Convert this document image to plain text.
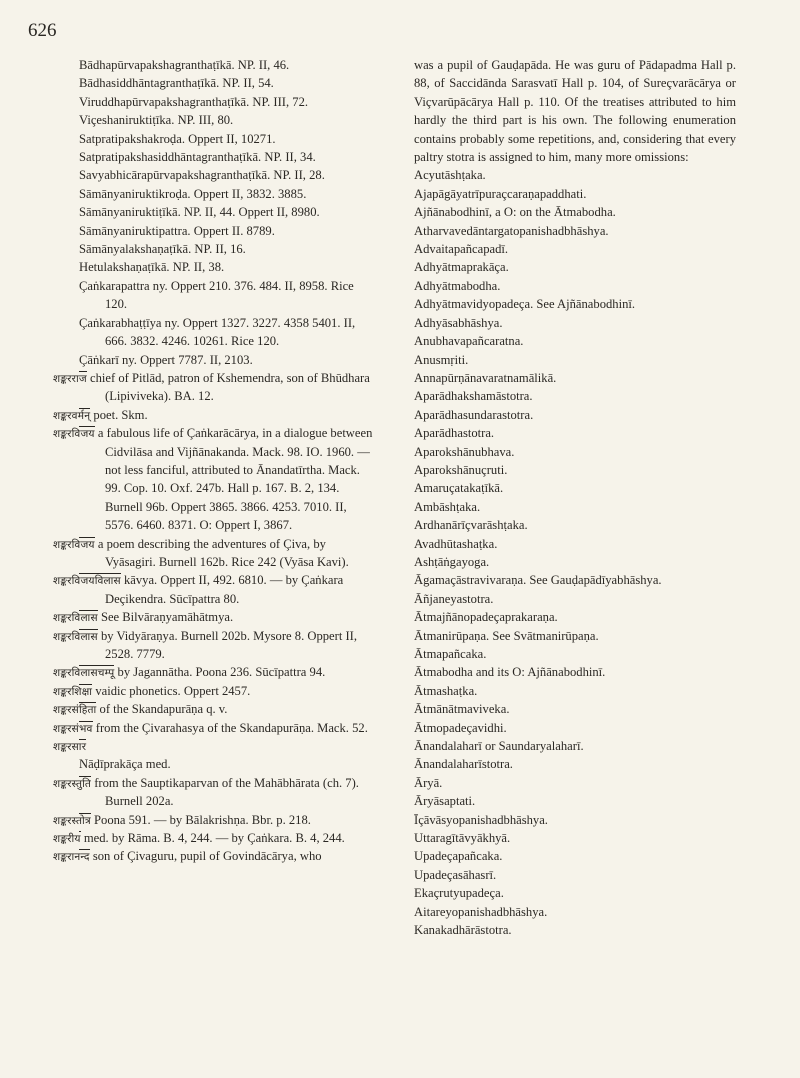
626

Bādhapūrvapakshagranthaṭīkā. NP. II, 46.

Bādhasiddhāntagranthaṭīkā. NP. II, 54.

Viruddhapūrvapakshagranthaṭīkā. NP. III, 72.

Viçeshaniruktiṭīka. NP. III, 80.

Satpratipakshakroḍa. Oppert II, 10271.

Satpratipakshasiddhāntagranthaṭīkā. NP. II, 34.

Savyabhicārapūrvapakshagranthaṭīkā. NP. II, 28.

Sāmānyaniruktikroḍa. Oppert II, 3832. 3885.

Sāmānyaniruktiṭīkā. NP. II, 44. Oppert II, 8980.

Sāmānyaniruktipattra. Oppert II. 8789.

Sāmānyalakshaṇaṭīkā. NP. II, 16.

Hetulakshaṇaṭīkā. NP. II, 38.

Çaṅkarapattra ny. Oppert 210. 376. 484. II, 8958. Rice 120.

Çaṅkarabhaṭṭīya ny. Oppert 1327. 3227. 4358 5401. II, 666. 3832. 4246. 10261. Rice 120.

Çāṅkarī ny. Oppert 7787. II, 2103.

शङ्करराज chief of Pitlād, patron of Kshemendra, son of Bhūdhara (Lipiviveka). BA. 12.

शङ्करवर्मन् poet. Skm.

शङ्करविजय a fabulous life of Çaṅkarācārya, in a dialogue between Cidvilāsa and Vijñānakanda. Mack. 98. IO. 1960. — not less fanciful, attributed to Ānandatīrtha. Mack. 99. Cop. 10. Oxf. 247b. Hall p. 167. B. 2, 134. Burnell 96b. Oppert 3865. 3866. 4253. 7010. II, 5576. 6460. 8371. O: Oppert I, 3867.

शङ्करविजय a poem describing the adventures of Çiva, by Vyāsagiri. Burnell 162b. Rice 242 (Vyāsa Kavi).

शङ्करविजयविलास kāvya. Oppert II, 492. 6810. — by Çaṅkara Deçikendra. Sūcīpattra 80.

शङ्करविलास See Bilvāraṇyamāhātmya.

शङ्करविलास by Vidyāraṇya. Burnell 202b. Mysore 8. Oppert II, 2528. 7779.

शङ्करविलासचम्पू by Jagannātha. Poona 236. Sūcīpattra 94.

शङ्करशिक्षा vaidic phonetics. Oppert 2457.

शङ्करसंहिता of the Skandapurāṇa q. v.

शङ्करसंभव from the Çivarahasya of the Skandapurāṇa. Mack. 52.

शङ्करसार

Nāḍīprakāça med.

शङ्करस्तुति from the Sauptikaparvan of the Mahābhārata (ch. 7). Burnell 202a.

शङ्करस्तोत्र Poona 591. — by Bālakrishṇa. Bbr. p. 218.

शङ्करीय med. by Rāma. B. 4, 244. — by Çaṅkara. B. 4, 244.

शङ्करानन्द son of Çivaguru, pupil of Govindācārya, who

was a pupil of Gauḍapāda. He was guru of Pādapadma Hall p. 88, of Saccidānda Sarasvatī Hall p. 104, of Sureçvarācārya or Viçvarūpācārya Hall p. 110. Of the treatises attributed to him hardly the third part is his own. The following enumeration contains probably some repetitions, and, considering that every paltry stotra is assigned to him, many more omissions:

Acyutāshṭaka.

Ajapāgāyatrīpuraçcaraṇapaddhati.

Ajñānabodhinī, a O: on the Ātmabodha.

Atharvavedāntargatopanishadbhāshya.

Advaitapañcapadī.

Adhyātmaprakāça.

Adhyātmabodha.

Adhyātmavidyopadeça. See Ajñānabodhinī.

Adhyāsabhāshya.

Anubhavapañcaratna.

Anusmṛiti.

Annapūrṇānavaratnamālikā.

Aparādhakshamāstotra.

Aparādhasundarastotra.

Aparādhastotra.

Aparokshānubhava.

Aparokshānuçruti.

Amaruçatakaṭīkā.

Ambāshṭaka.

Ardhanārīçvarāshṭaka.

Avadhūtashaṭka.

Ashṭāṅgayoga.

Āgamaçāstravivaraṇa. See Gauḍapādīyabhāshya.

Āñjaneyastotra.

Ātmajñānopadeçaprakaraṇa.

Ātmanirūpaṇa. See Svātmanirūpaṇa.

Ātmapañcaka.

Ātmabodha and its O: Ajñānabodhinī.

Ātmashaṭka.

Ātmānātmaviveka.

Ātmopadeçavidhi.

Ānandalaharī or Saundaryalaharī.

Ānandalaharīstotra.

Āryā.

Āryāsaptati.

Īçāvāsyopanishadbhāshya.

Uttaragītāvyākhyā.

Upadeçapañcaka.

Upadeçasāhasrī.

Ekaçrutyupadeça.

Aitareyopanishadbhāshya.

Kanakadhārāstotra.
